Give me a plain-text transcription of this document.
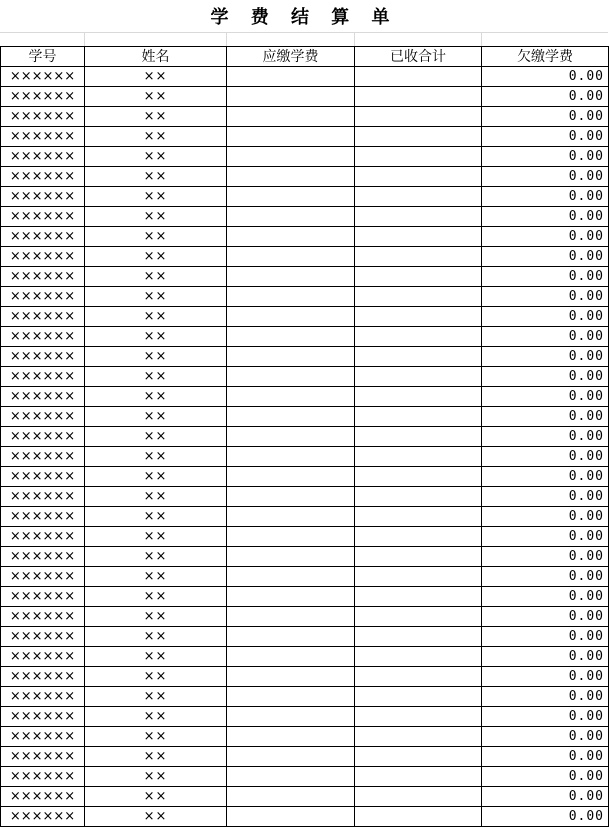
学 费 结 算 单
学号	姓名	应缴学费	已收合计	欠缴学费
××××××	××			0.00
××××××	××			0.00
××××××	××			0.00
××××××	××			0.00
××××××	××			0.00
××××××	××			0.00
××××××	××			0.00
××××××	××			0.00
××××××	××			0.00
××××××	××			0.00
××××××	××			0.00
××××××	××			0.00
××××××	××			0.00
××××××	××			0.00
××××××	××			0.00
××××××	××			0.00
××××××	××			0.00
××××××	××			0.00
××××××	××			0.00
××××××	××			0.00
××××××	××			0.00
××××××	××			0.00
××××××	××			0.00
××××××	××			0.00
××××××	××			0.00
××××××	××			0.00
××××××	××			0.00
××××××	××			0.00
××××××	××			0.00
××××××	××			0.00
××××××	××			0.00
××××××	××			0.00
××××××	××			0.00
××××××	××			0.00
××××××	××			0.00
××××××	××			0.00
××××××	××			0.00
××××××	××			0.00
